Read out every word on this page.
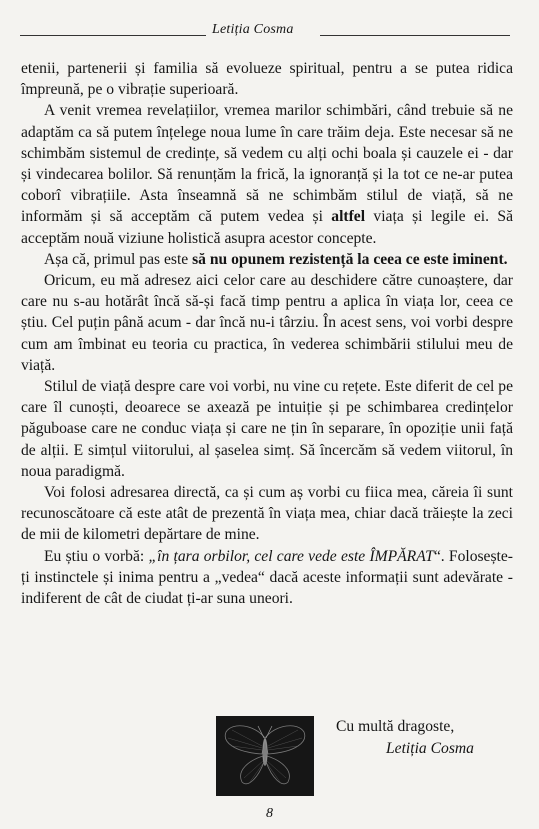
Letiția Cosma

etenii, partenerii și familia să evolueze spiritual, pentru a se putea ridica împreună, pe o vibrație superioară.

A venit vremea revelațiilor, vremea marilor schimbări, când trebuie să ne adaptăm ca să putem înțelege noua lume în care trăim deja. Este necesar să ne schimbăm sistemul de credințe, să vedem cu alți ochi boala și cauzele ei - dar și vindecarea bolilor. Să renunțăm la frică, la ignoranță și la tot ce ne-ar putea coborî vibrațiile. Asta înseamnă să ne schimbăm stilul de viață, să ne informăm și să acceptăm că putem vedea și altfel viața și legile ei. Să acceptăm nouă viziune holistică asupra acestor concepte.

Așa că, primul pas este să nu opunem rezistență la ceea ce este iminent.

Oricum, eu mă adresez aici celor care au deschidere către cunoaștere, dar care nu s-au hotărât încă să-și facă timp pentru a aplica în viața lor, ceea ce știu. Cel puțin până acum - dar încă nu-i târziu. În acest sens, voi vorbi despre cum am îmbinat eu teoria cu practica, în vederea schimbării stilului meu de viață.

Stilul de viață despre care voi vorbi, nu vine cu rețete. Este diferit de cel pe care îl cunoști, deoarece se axează pe intuiție și pe schimbarea credințelor păguboase care ne conduc viața și care ne țin în separare, în opoziție unii față de alții. E simțul viitorului, al șaselea simț. Să încercăm să vedem viitorul, în noua paradigmă.

Voi folosi adresarea directă, ca și cum aș vorbi cu fiica mea, căreia îi sunt recunoscătoare că este atât de prezentă în viața mea, chiar dacă trăiește la zeci de mii de kilometri depărtare de mine.

Eu știu o vorbă: „în țara orbilor, cel care vede este ÎMPĂRAT“. Folosește-ți instinctele și inima pentru a „vedea“ dacă aceste informații sunt adevărate - indiferent de cât de ciudat ți-ar suna uneori.

Cu multă dragoste,
Letiția Cosma
8
